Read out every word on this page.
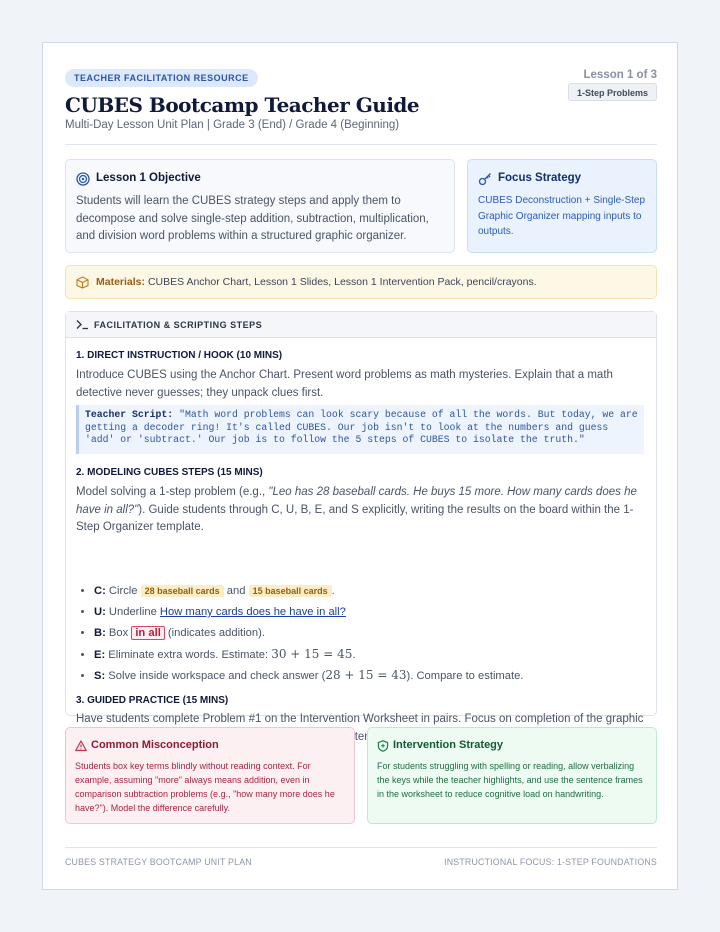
TEACHER FACILITATION RESOURCE
CUBES Bootcamp Teacher Guide
Multi-Day Lesson Unit Plan | Grade 3 (End) / Grade 4 (Beginning)
Lesson 1 of 3
1-Step Problems
Lesson 1 Objective

Students will learn the CUBES strategy steps and apply them to decompose and solve single-step addition, subtraction, multiplication, and division word problems within a structured graphic organizer.

Focus Strategy

CUBES Deconstruction + Single-Step Graphic Organizer mapping inputs to outputs.

Materials: CUBES Anchor Chart, Lesson 1 Slides, Lesson 1 Intervention Pack, pencil/crayons.

FACILITATION & SCRIPTING STEPS
1. DIRECT INSTRUCTION / HOOK (10 MINS)
Introduce CUBES using the Anchor Chart. Present word problems as math mysteries. Explain that a math detective never guesses; they unpack clues first.
Teacher Script: "Math word problems can look scary because of all the words. But today, we are getting a decoder ring! It's called CUBES. Our job isn't to look at the numbers and guess 'add' or 'subtract.' Our job is to follow the 5 steps of CUBES to isolate the truth."
2. MODELING CUBES STEPS (15 MINS)
Model solving a 1-step problem (e.g., "Leo has 28 baseball cards. He buys 15 more. How many cards does he have in all?"). Guide students through C, U, B, E, and S explicitly, writing the results on the board within the 1-Step Organizer template.
• C: Circle 28 baseball cards and 15 baseball cards .
• U: Underline How many cards does he have in all?
• B: Box in all (indicates addition).
• E: Eliminate extra words. Estimate: 30 + 15 = 45.
• S: Solve inside workspace and check answer (28 + 15 = 43). Compare to estimate.
3. GUIDED PRACTICE (15 MINS)
Have students complete Problem #1 on the Intervention Worksheet in pairs. Focus on completion of the graphic sentence
Common Misconception

Students box key terms blindly without reading context. For example, assuming "more" always means addition, even in comparison subtraction problems (e.g., "how many more does he have?"). Model the difference carefully.

Intervention Strategy

For students struggling with spelling or reading, allow verbalizing the keys while the teacher highlights, and use the sentence frames in the worksheet to reduce cognitive load on handwriting.

CUBES STRATEGY BOOTCAMP UNIT PLAN	INSTRUCTIONAL FOCUS: 1-STEP FOUNDATIONS
